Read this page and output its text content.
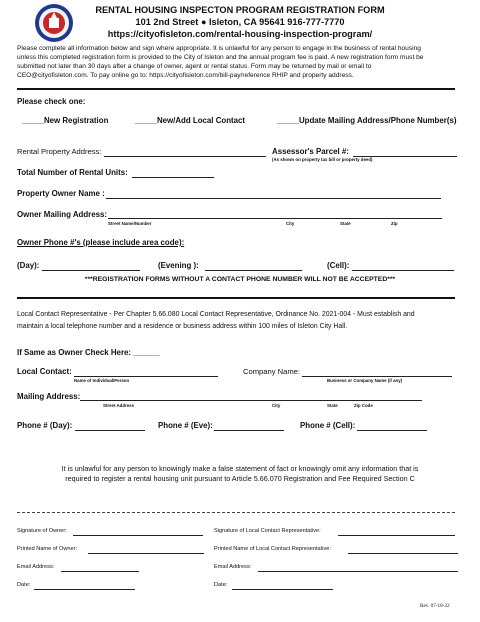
RENTAL HOUSING INSPECTON PROGRAM REGISTRATION FORM
101 2nd Street ● Isleton, CA 95641 916-777-7770
https://cityofisleton.com/rental-housing-inspection-program/
Please complete all information below and sign where appropriate. It is unlawful for any person to engage in the business of rental housing
unless this completed registration form is provided to the City of Isleton and the annual program fee is paid. A new registration form must be
submitted not later than 30 days after a change of owner, agent or rental status. Form may be returned by mail or email to
CEO@cityofisleton.com. To pay online go to: https://cityofisleton.com/bill-pay/reference RHIP and property address.
Please check one:
_____New Registration	_____New/Add Local Contact	_____Update Mailing Address/Phone Number(s)
Rental Property Address:	Assessor's Parcel #:
(As shown on property tax bill or property deed)
Total Number of Rental Units:
Property Owner Name :
Owner Mailing Address:
Street Name/Number	City	State	Zip
Owner Phone #'s (please include area code):
(Day):	(Evening ):	(Cell):
***REGISTRATION FORMS WITHOUT A CONTACT PHONE NUMBER WILL NOT BE ACCEPTED***
Local Contact Representative - Per Chapter 5.66.080 Local Contact Representative, Ordinance No. 2021-004 - Must establish and
maintain a local telephone number and a residence or business address within 100 miles of Isleton City Hall.
If Same as Owner Check Here: ______
Local Contact:
Name of Individual/Person
Company Name:
Business or Company Name (if any)
Mailing Address:
Street Address	City	State	Zip Code
Phone # (Day):	Phone # (Eve):	Phone # (Cell):
It is unlawful for any person to knowingly make a false statement of fact or knowingly omit any information that is
required to register a rental housing unit pursuant to Article 5.66.070 Registration and Fee Required Section C
Signature of Owner:	Signature of Local Contact Representative:
Printed Name of Owner:	Printed Name of Local Contact Representative:
Email Address:	Email Address:
Date:	Date:
Rev. 07-18-22
